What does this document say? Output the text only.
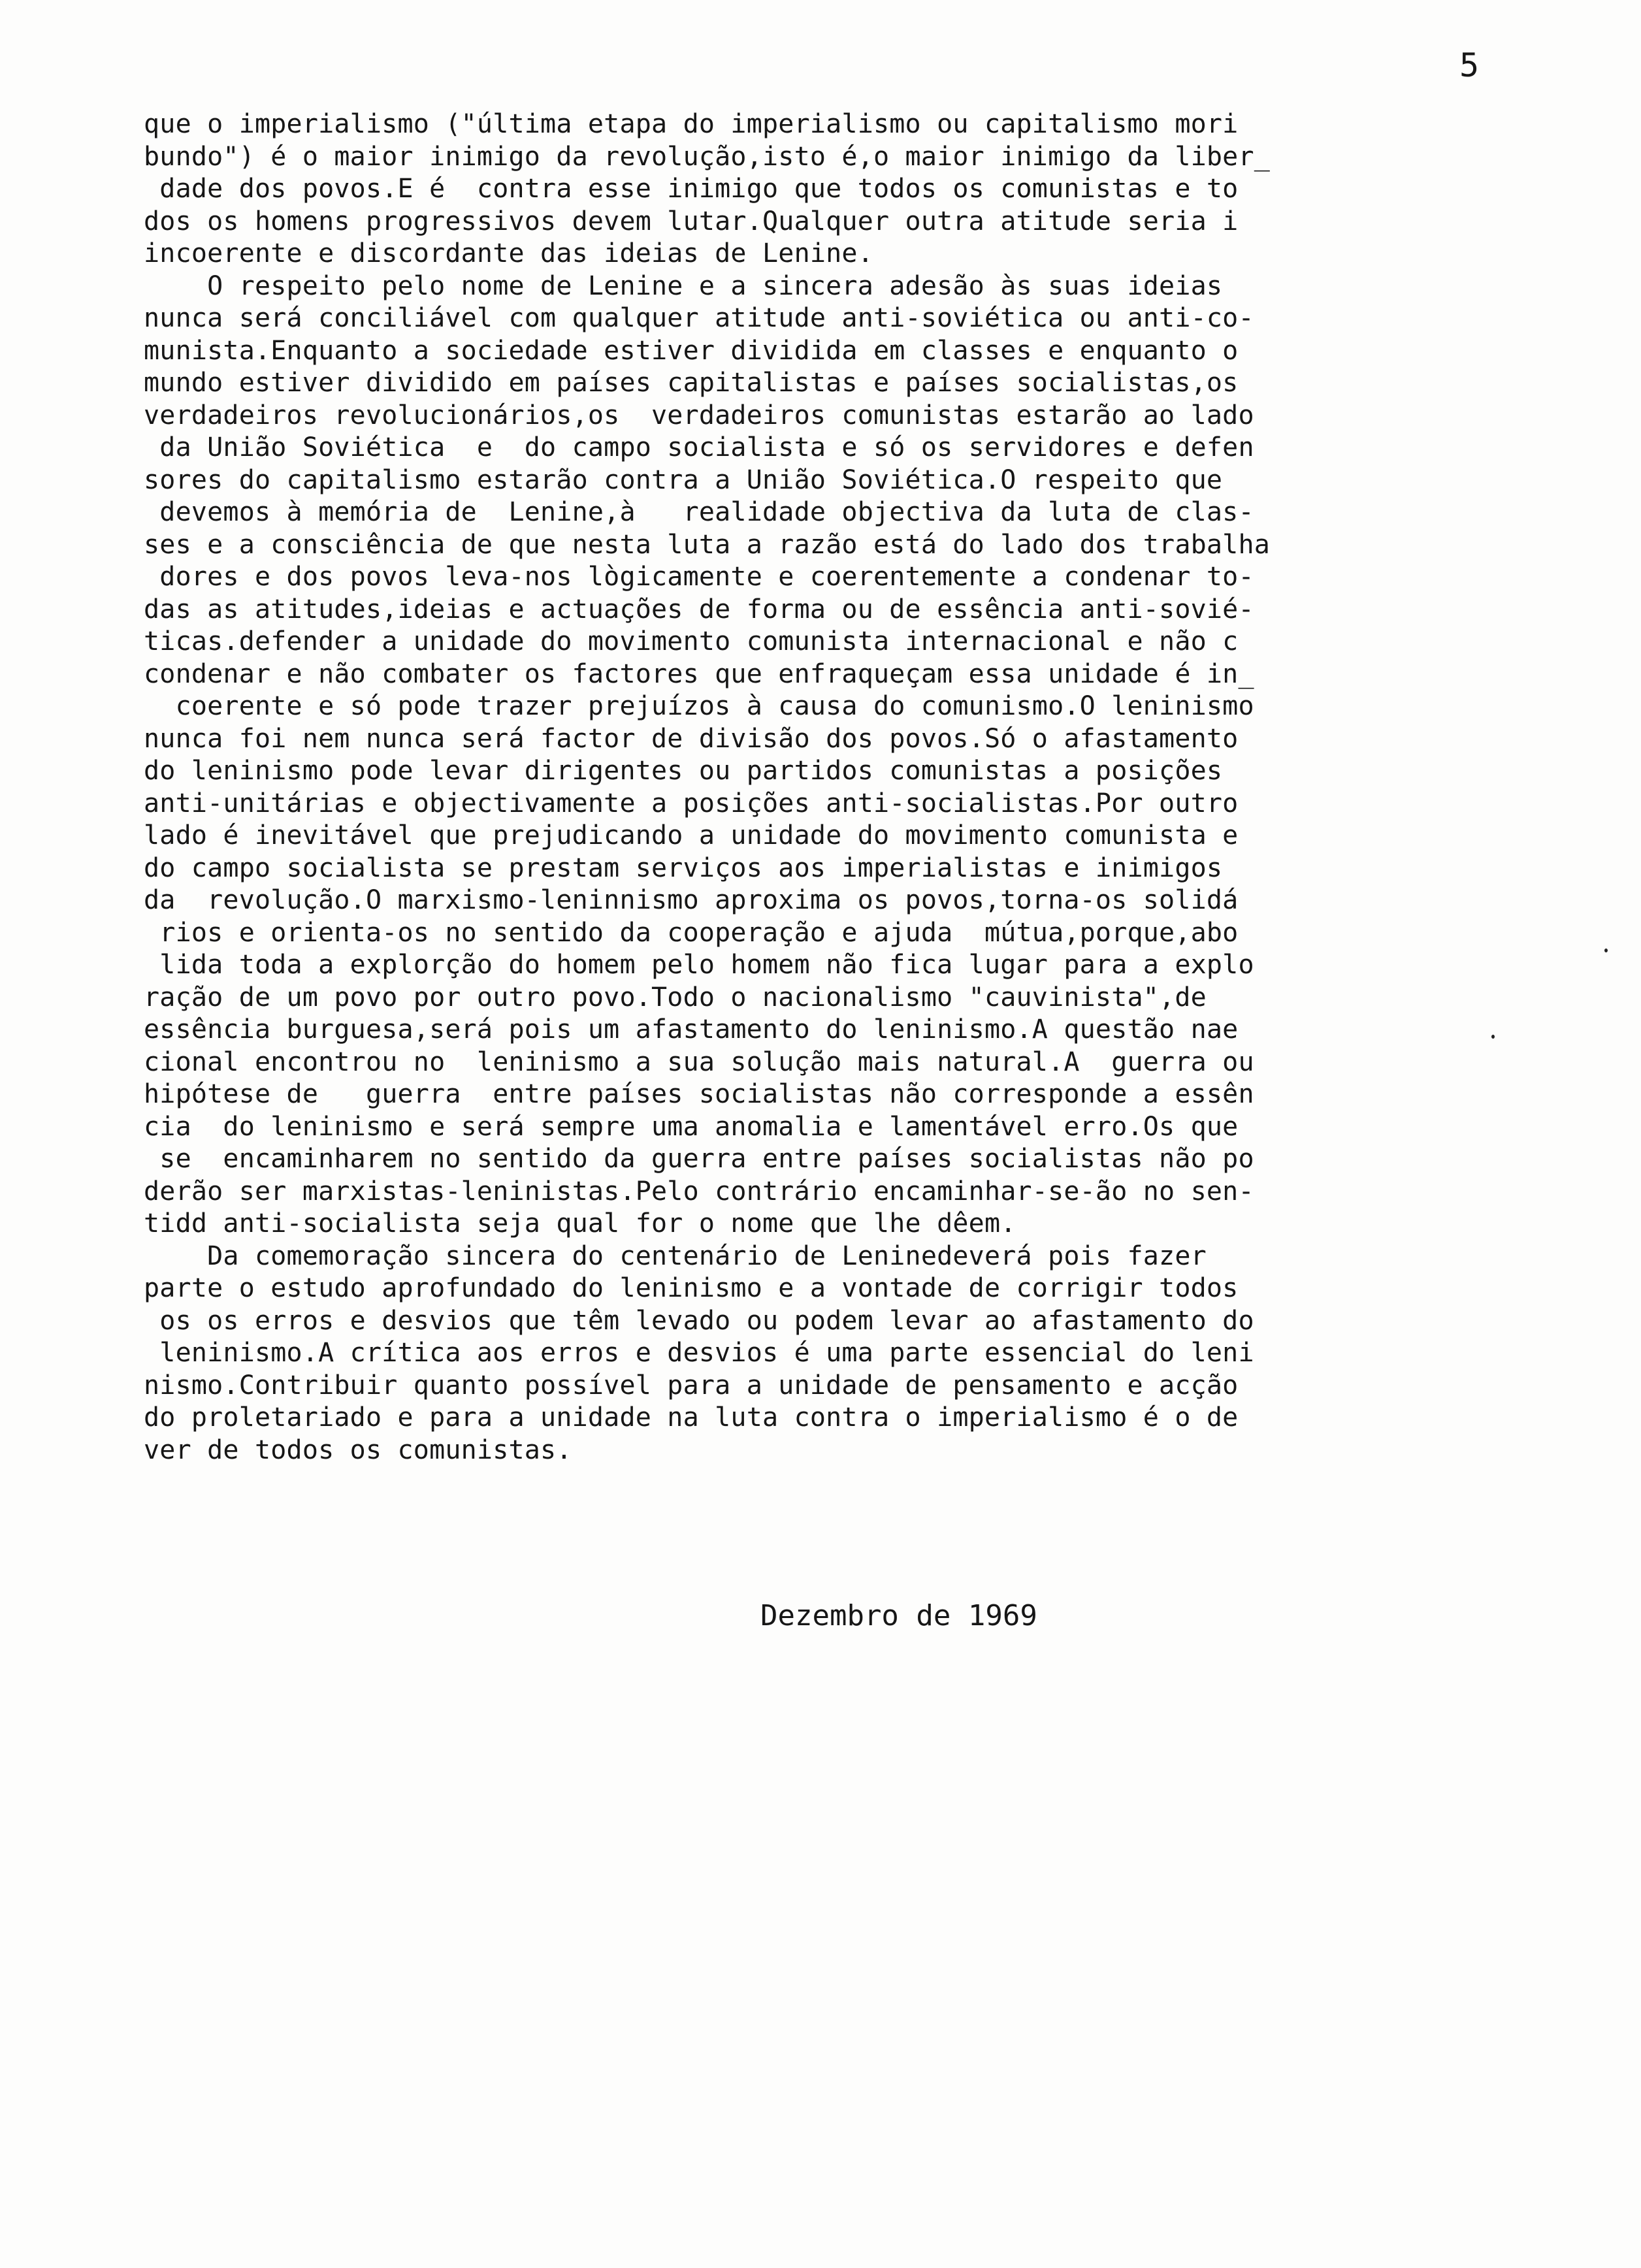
5
que o imperialismo ("última etapa do imperialismo ou capitalismo mori
bundo") é o maior inimigo da revolução,isto é,o maior inimigo da liber_
dade dos povos.E é  contra esse inimigo que todos os comunistas e to
dos os homens progressivos devem lutar.Qualquer outra atitude seria i
incoerente e discordante das ideias de Lenine.
O respeito pelo nome de Lenine e a sincera adesão às suas ideias
nunca será conciliável com qualquer atitude anti-soviética ou anti-co-
munista.Enquanto a sociedade estiver dividida em classes e enquanto o
mundo estiver dividido em países capitalistas e países socialistas,os
verdadeiros revolucionários,os  verdadeiros comunistas estarão ao lado
da União Soviética  e  do campo socialista e só os servidores e defen
sores do capitalismo estarão contra a União Soviética.O respeito que
devemos à memória de  Lenine,à   realidade objectiva da luta de clas-
ses e a consciência de que nesta luta a razão está do lado dos trabalha
dores e dos povos leva-nos lògicamente e coerentemente a condenar to-
das as atitudes,ideias e actuações de forma ou de essência anti-sovié-
ticas.defender a unidade do movimento comunista internacional e não c
condenar e não combater os factores que enfraqueçam essa unidade é in_
coerente e só pode trazer prejuízos à causa do comunismo.O leninismo
nunca foi nem nunca será factor de divisão dos povos.Só o afastamento
do leninismo pode levar dirigentes ou partidos comunistas a posições
anti-unitárias e objectivamente a posições anti-socialistas.Por outro
lado é inevitável que prejudicando a unidade do movimento comunista e
do campo socialista se prestam serviços aos imperialistas e inimigos
da  revolução.O marxismo-leninnismo aproxima os povos,torna-os solidá
rios e orienta-os no sentido da cooperação e ajuda  mútua,porque,abo
lida toda a explorção do homem pelo homem não fica lugar para a explo
ração de um povo por outro povo.Todo o nacionalismo "cauvinista",de
essência burguesa,será pois um afastamento do leninismo.A questão nae
cional encontrou no  leninismo a sua solução mais natural.A  guerra ou
hipótese de   guerra  entre países socialistas não corresponde a essên
cia  do leninismo e será sempre uma anomalia e lamentável erro.Os que
se  encaminharem no sentido da guerra entre países socialistas não po
derão ser marxistas-leninistas.Pelo contrário encaminhar-se-ão no sen-
tidd anti-socialista seja qual for o nome que lhe dêem.
Da comemoração sincera do centenário de Leninedeverá pois fazer
parte o estudo aprofundado do leninismo e a vontade de corrigir todos
os os erros e desvios que têm levado ou podem levar ao afastamento do
leninismo.A crítica aos erros e desvios é uma parte essencial do leni
nismo.Contribuir quanto possível para a unidade de pensamento e acção
do proletariado e para a unidade na luta contra o imperialismo é o de
ver de todos os comunistas.
Dezembro de 1969
